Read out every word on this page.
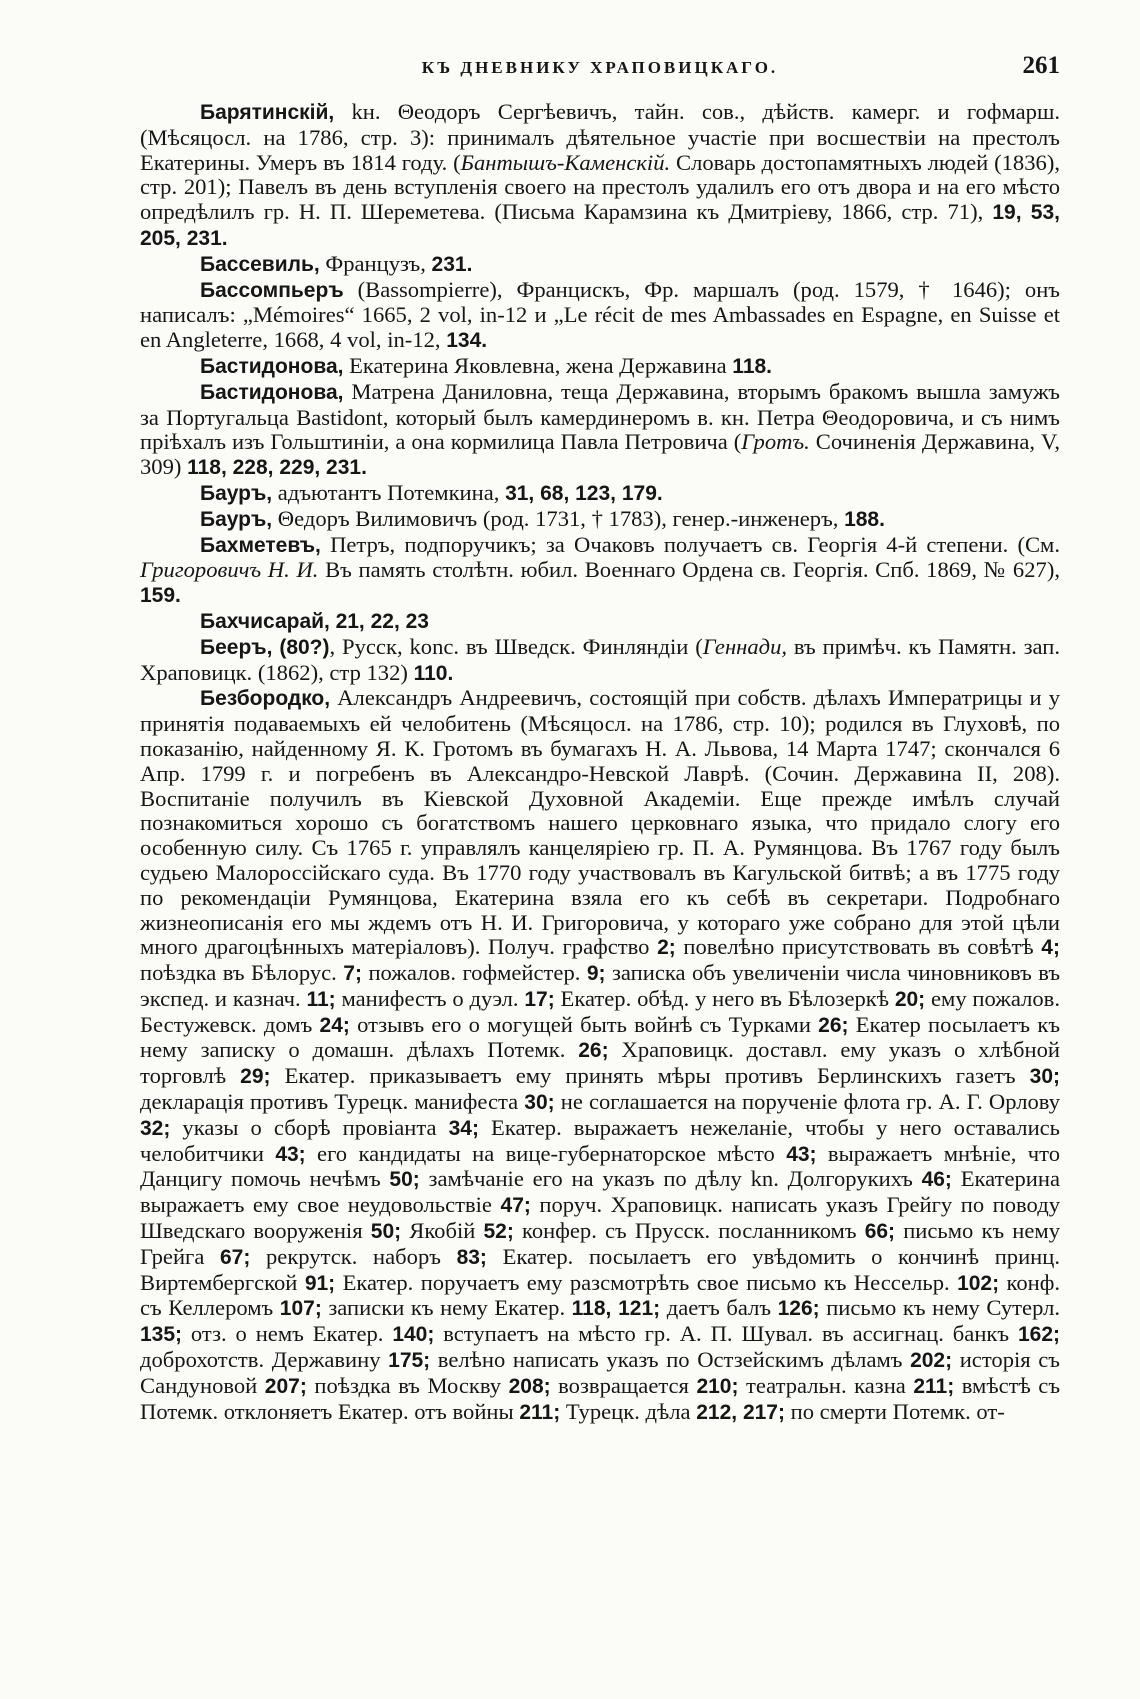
КЪ ДНЕВНИКУ ХРАПОВИЦКАГО.	261

Барятинскій, kн. Θеодоръ Сергѣевичъ, тайн. сов., дѣйств. камерг. и гофмарш. (Мѣсяцосл. на 1786, стр. 3): принималъ дѣятельное участіе при восшествіи на престолъ Екатерины. Умеръ въ 1814 году. (Бантышъ-Каменскій. Словарь достопамятныхъ людей (1836), стр. 201); Павелъ въ день вступленія своего на престолъ удалилъ его отъ двора и на его мѣсто опредѣлилъ гр. Н. П. Шереметева. (Письма Карамзина къ Дмитріеву, 1866, стр. 71), 19, 53, 205, 231.

Бассевиль, Французъ, 231.

Бассомпьеръ (Bassompierre), Францискъ, Фр. маршалъ (род. 1579, † 1646); онъ написалъ: „Mémoires“ 1665, 2 vol, in-12 и „Le récit de mes Ambassades en Espagne, en Suisse et en Angleterre, 1668, 4 vol, in-12, 134.

Бастидонова, Екатерина Яковлевна, жена Державина 118.

Бастидонова, Матрена Даниловна, теща Державина, вторымъ бракомъ вышла замужъ за Португальца Bastidont, который былъ камердинеромъ в. кн. Петра Θеодоровича, и съ нимъ пріѣхалъ изъ Гольштиніи, а она кормилица Павла Петровича (Гротъ. Сочиненія Державина, V, 309) 118, 228, 229, 231.

Бауръ, адъютантъ Потемкина, 31, 68, 123, 179.

Бауръ, Θедоръ Вилимовичъ (род. 1731, † 1783), генер.-инженеръ, 188.

Бахметевъ, Петръ, подпоручикъ; за Очаковъ получаетъ св. Георгія 4-й степени. (См. Григоровичъ Н. И. Въ память столѣтн. юбил. Военнаго Ордена св. Георгія. Спб. 1869, № 627), 159.

Бахчисарай, 21, 22, 23

Бееръ, (80?), Русск, konc. въ Шведск. Финляндіи (Геннади, въ примѣч. къ Памятн. зап. Храповицк. (1862), стр 132) 110.

Безбородко, Александръ Андреевичъ, состоящій при собств. дѣлахъ Императрицы и у принятія подаваемыхъ ей челобитень (Мѣсяцосл. на 1786, стр. 10); родился въ Глуховѣ, по показанію, найденному Я. К. Гротомъ въ бумагахъ Н. А. Львова, 14 Марта 1747; скончался 6 Апр. 1799 г. и погребенъ въ Александро-Невской Лаврѣ. (Сочин. Державина II, 208). Воспитаніе получилъ въ Кіевской Духовной Академіи. Еще прежде имѣлъ случай познакомиться хорошо съ богатствомъ нашего церковнаго языка, что придало слогу его особенную силу. Съ 1765 г. управлялъ канцеляріею гр. П. А. Румянцова. Въ 1767 году былъ судьею Малороссійскаго суда. Въ 1770 году участвовалъ въ Кагульской битвѣ; а въ 1775 году по рекомендаціи Румянцова, Екатерина взяла его къ себѣ въ секретари. Подробнаго жизнеописанія его мы ждемъ отъ Н. И. Григоровича, у котораго уже собрано для этой цѣли много драгоцѣнныхъ матеріаловъ). Получ. графство 2; повелѣно присутствовать въ совѣтѣ 4; поѣздка въ Бѣлорус. 7; пожалов. гофмейстер. 9; записка объ увеличеніи числа чиновниковъ въ экспед. и казнач. 11; манифестъ о дуэл. 17; Екатер. обѣд. у него въ Бѣлозеркѣ 20; ему пожалов. Бестужевск. домъ 24; отзывъ его о могущей быть войнѣ съ Турками 26; Екатер посылаетъ къ нему записку о домашн. дѣлахъ Потемк. 26; Храповицк. доставл. ему указъ о хлѣбной торговлѣ 29; Екатер. приказываетъ ему принять мѣры противъ Берлинскихъ газетъ 30; декларація противъ Турецк. манифеста 30; не соглашается на порученіе флота гр. А. Г. Орлову 32; указы о сборѣ провіанта 34; Екатер. выражаетъ нежеланіе, чтобы у него оставались челобитчики 43; его кандидаты на вице-губернаторское мѣсто 43; выражаетъ мнѣніе, что Данцигу помочь нечѣмъ 50; замѣчаніе его на указъ по дѣлу kn. Долгорукихъ 46; Екатерина выражаетъ ему свое неудовольствіе 47; поруч. Храповицк. написать указъ Грейгу по поводу Шведскаго вооруженія 50; Якобій 52; конфер. съ Прусск. посланникомъ 66; письмо къ нему Грейга 67; рекрутск. наборъ 83; Екатер. посылаетъ его увѣдомить о кончинѣ принц. Виртембергской 91; Екатер. поручаетъ ему разсмотрѣть свое письмо къ Нессельр. 102; конф. съ Келлеромъ 107; записки къ нему Екатер. 118, 121; даетъ балъ 126; письмо къ нему Сутерл. 135; отз. о немъ Екатер. 140; вступаетъ на мѣсто гр. А. П. Шувал. въ ассигнац. банкъ 162; доброхотств. Державину 175; велѣно написать указъ по Остзейскимъ дѣламъ 202; исторія съ Сандуновой 207; поѣздка въ Москву 208; возвращается 210; театральн. казна 211; вмѣстѣ съ Потемк. отклоняетъ Екатер. отъ войны 211; Турецк. дѣла 212, 217; по смерти Потемк. от-
